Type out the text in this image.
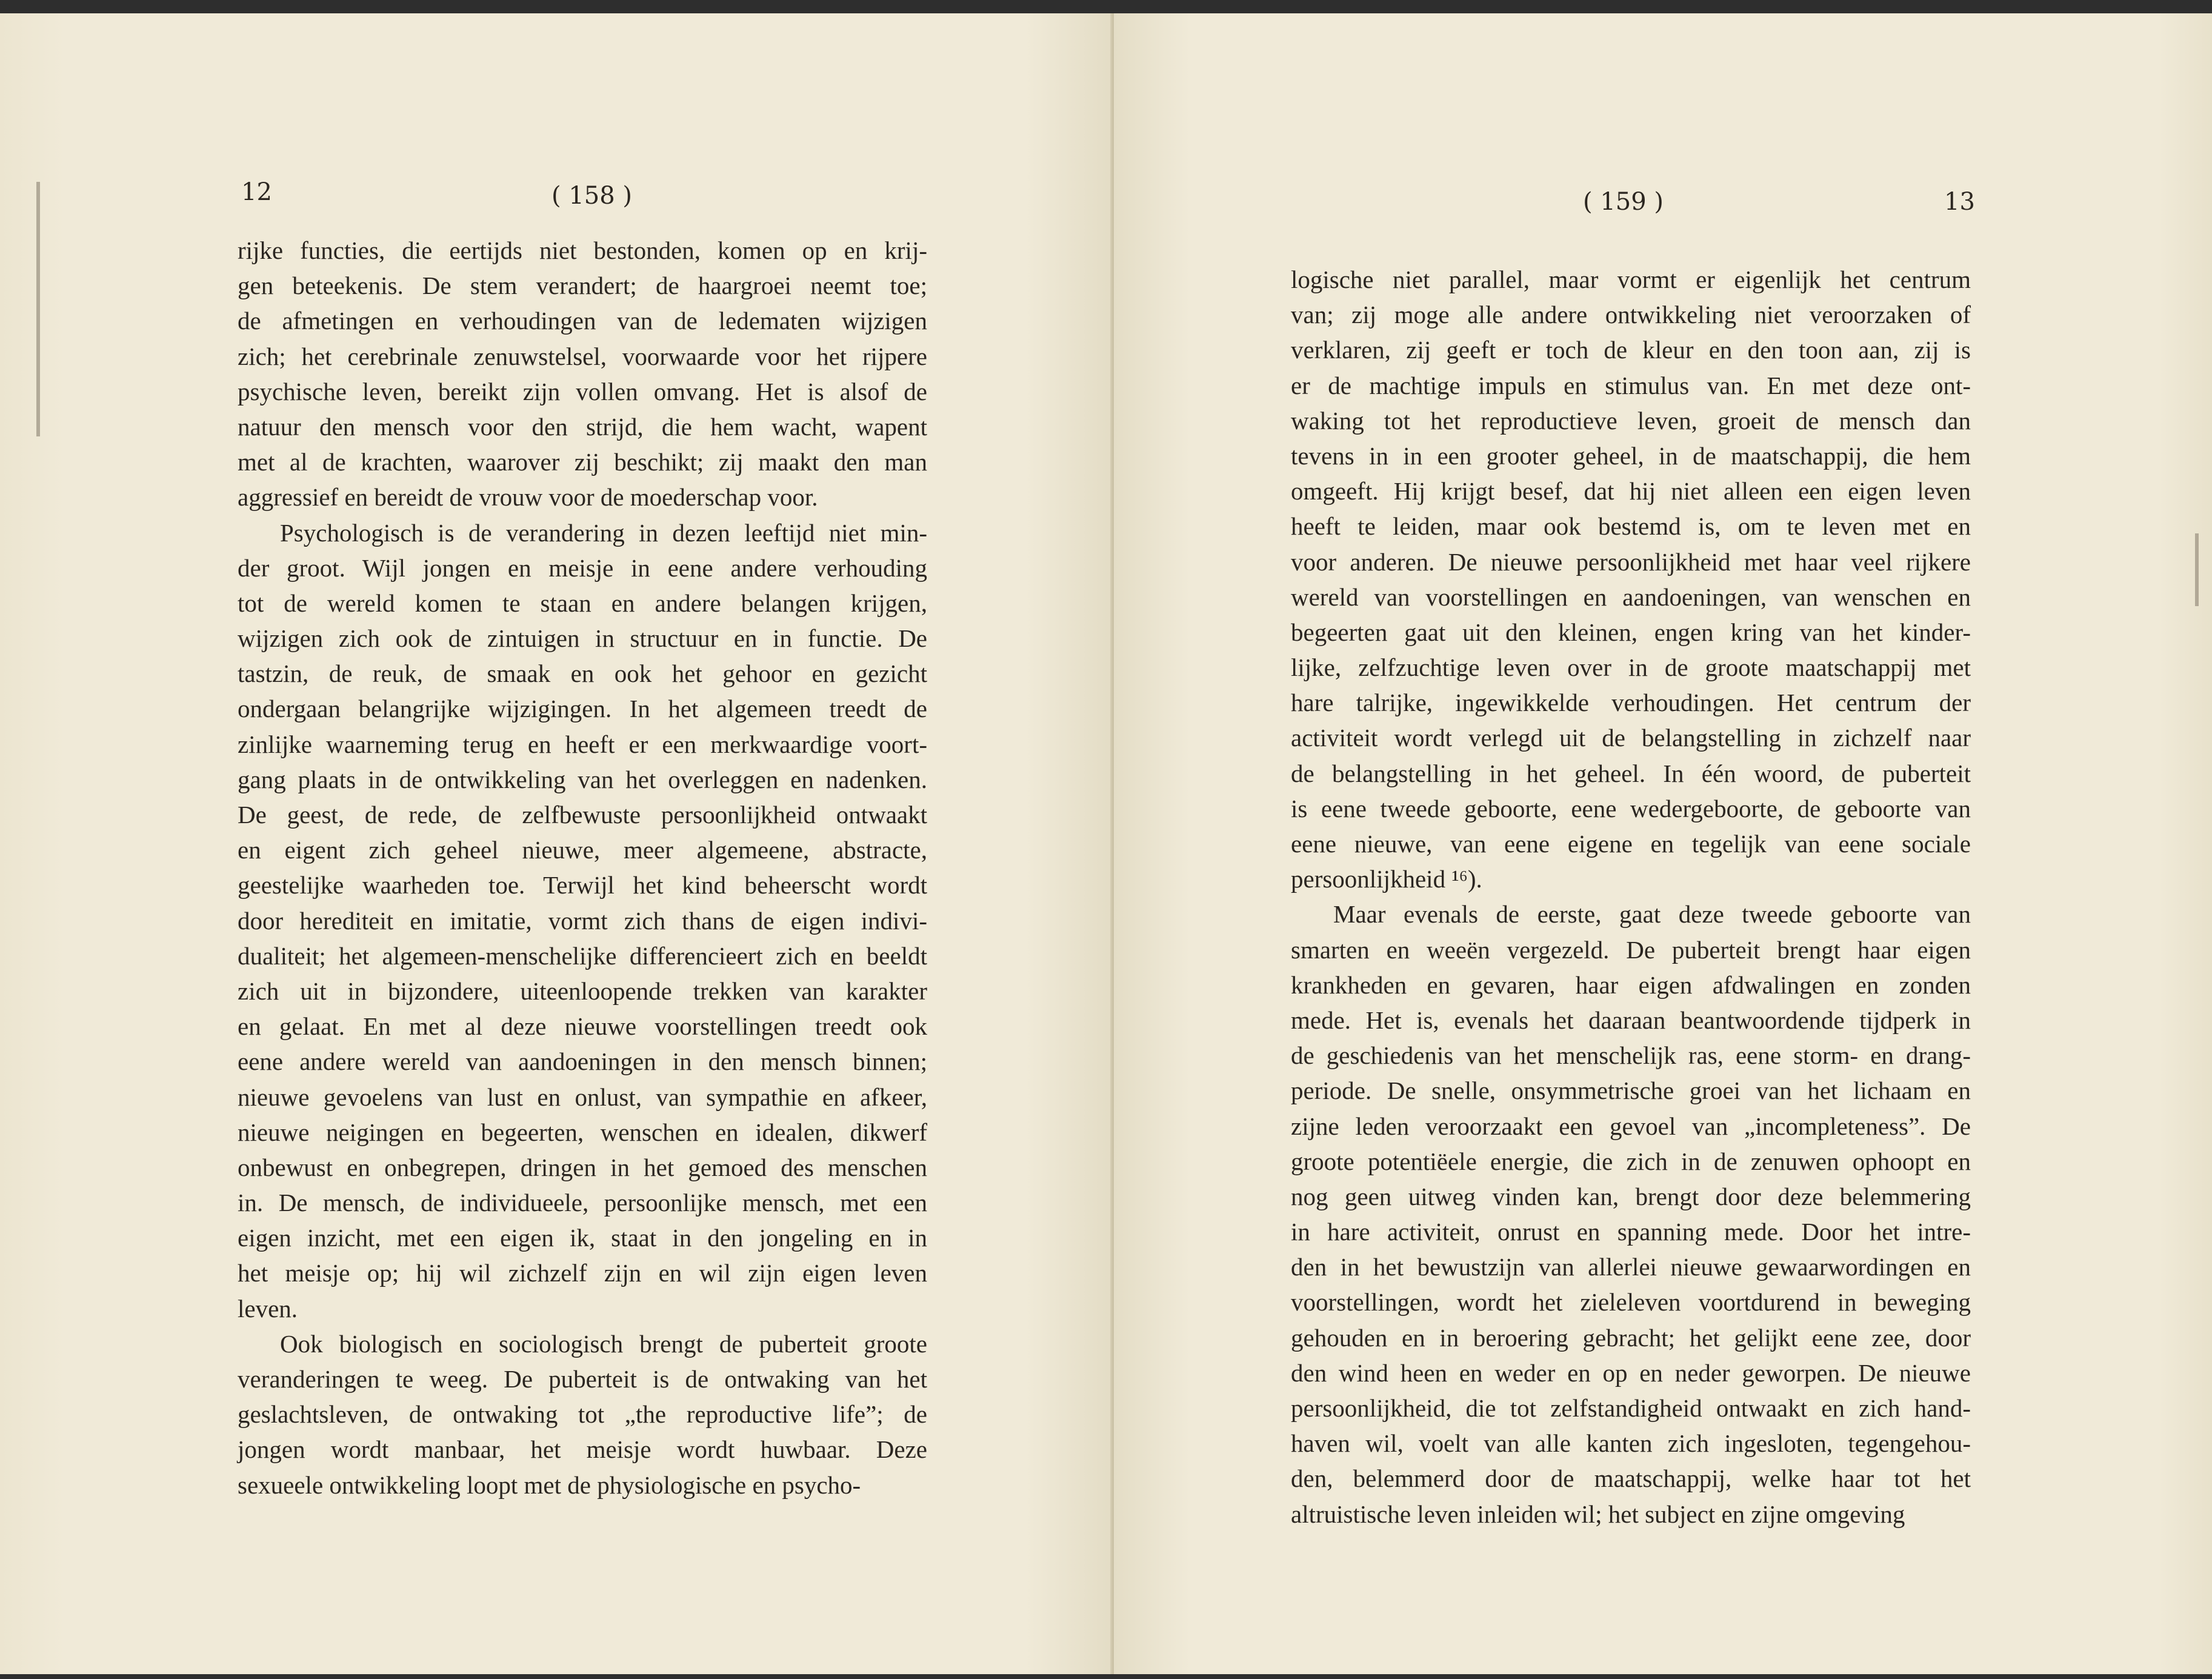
12	( 158 )
rijke functies, die eertijds niet bestonden, komen op en krij-
gen beteekenis. De stem verandert; de haargroei neemt toe;
de afmetingen en verhoudingen van de ledematen wijzigen
zich; het cerebrinale zenuwstelsel, voorwaarde voor het rijpere
psychische leven, bereikt zijn vollen omvang. Het is alsof de
natuur den mensch voor den strijd, die hem wacht, wapent
met al de krachten, waarover zij beschikt; zij maakt den man
aggressief en bereidt de vrouw voor de moederschap voor.
Psychologisch is de verandering in dezen leeftijd niet min-
der groot. Wijl jongen en meisje in eene andere verhouding
tot de wereld komen te staan en andere belangen krijgen,
wijzigen zich ook de zintuigen in structuur en in functie. De
tastzin, de reuk, de smaak en ook het gehoor en gezicht
ondergaan belangrijke wijzigingen. In het algemeen treedt de
zinlijke waarneming terug en heeft er een merkwaardige voort-
gang plaats in de ontwikkeling van het overleggen en nadenken.
De geest, de rede, de zelfbewuste persoonlijkheid ontwaakt
en eigent zich geheel nieuwe, meer algemeene, abstracte,
geestelijke waarheden toe. Terwijl het kind beheerscht wordt
door herediteit en imitatie, vormt zich thans de eigen indivi-
dualiteit; het algemeen-menschelijke differencieert zich en beeldt
zich uit in bijzondere, uiteenloopende trekken van karakter
en gelaat. En met al deze nieuwe voorstellingen treedt ook
eene andere wereld van aandoeningen in den mensch binnen;
nieuwe gevoelens van lust en onlust, van sympathie en afkeer,
nieuwe neigingen en begeerten, wenschen en idealen, dikwerf
onbewust en onbegrepen, dringen in het gemoed des menschen
in. De mensch, de individueele, persoonlijke mensch, met een
eigen inzicht, met een eigen ik, staat in den jongeling en in
het meisje op; hij wil zichzelf zijn en wil zijn eigen leven
leven.
Ook biologisch en sociologisch brengt de puberteit groote
veranderingen te weeg. De puberteit is de ontwaking van het
geslachtsleven, de ontwaking tot „the reproductive life”; de
jongen wordt manbaar, het meisje wordt huwbaar. Deze
sexueele ontwikkeling loopt met de physiologische en psycho-
( 159 )	13
logische niet parallel, maar vormt er eigenlijk het centrum
van; zij moge alle andere ontwikkeling niet veroorzaken of
verklaren, zij geeft er toch de kleur en den toon aan, zij is
er de machtige impuls en stimulus van. En met deze ont-
waking tot het reproductieve leven, groeit de mensch dan
tevens in in een grooter geheel, in de maatschappij, die hem
omgeeft. Hij krijgt besef, dat hij niet alleen een eigen leven
heeft te leiden, maar ook bestemd is, om te leven met en
voor anderen. De nieuwe persoonlijkheid met haar veel rijkere
wereld van voorstellingen en aandoeningen, van wenschen en
begeerten gaat uit den kleinen, engen kring van het kinder-
lijke, zelfzuchtige leven over in de groote maatschappij met
hare talrijke, ingewikkelde verhoudingen. Het centrum der
activiteit wordt verlegd uit de belangstelling in zichzelf naar
de belangstelling in het geheel. In één woord, de puberteit
is eene tweede geboorte, eene wedergeboorte, de geboorte van
eene nieuwe, van eene eigene en tegelijk van eene sociale
persoonlijkheid ¹⁶).
Maar evenals de eerste, gaat deze tweede geboorte van
smarten en weeën vergezeld. De puberteit brengt haar eigen
krankheden en gevaren, haar eigen afdwalingen en zonden
mede. Het is, evenals het daaraan beantwoordende tijdperk in
de geschiedenis van het menschelijk ras, eene storm- en drang-
periode. De snelle, onsymmetrische groei van het lichaam en
zijne leden veroorzaakt een gevoel van „incompleteness”. De
groote potentiëele energie, die zich in de zenuwen ophoopt en
nog geen uitweg vinden kan, brengt door deze belemmering
in hare activiteit, onrust en spanning mede. Door het intre-
den in het bewustzijn van allerlei nieuwe gewaarwordingen en
voorstellingen, wordt het zieleleven voortdurend in beweging
gehouden en in beroering gebracht; het gelijkt eene zee, door
den wind heen en weder en op en neder geworpen. De nieuwe
persoonlijkheid, die tot zelfstandigheid ontwaakt en zich hand-
haven wil, voelt van alle kanten zich ingesloten, tegengehou-
den, belemmerd door de maatschappij, welke haar tot het
altruistische leven inleiden wil; het subject en zijne omgeving
